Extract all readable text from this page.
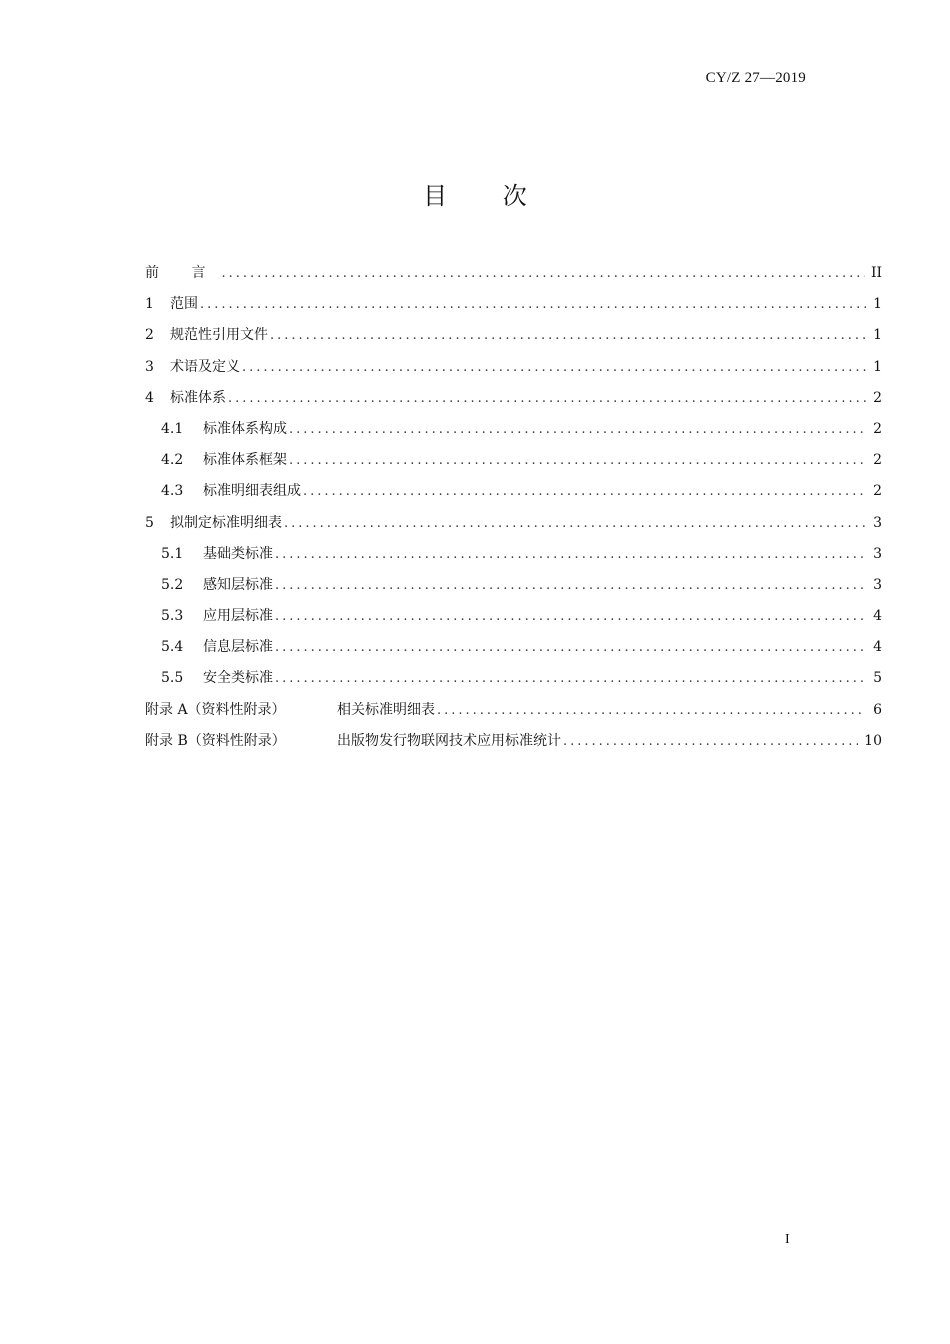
CY/Z 27—2019
目 次
前 言 .....	II
1	范围 .....	1
2	规范性引用文件 .....	1
3	术语及定义 .....	1
4	标准体系 .....	2
4.1	标准体系构成 .....	2
4.2	标准体系框架 .....	2
4.3	标准明细表组成 .....	2
5	拟制定标准明细表 .....	3
5.1	基础类标准 .....	3
5.2	感知层标准 .....	3
5.3	应用层标准 .....	4
5.4	信息层标准 .....	4
5.5	安全类标准 .....	5
附录 A（资料性附录）	相关标准明细表 .....	6
附录 B（资料性附录）	出版物发行物联网技术应用标准统计 .....	10
I
